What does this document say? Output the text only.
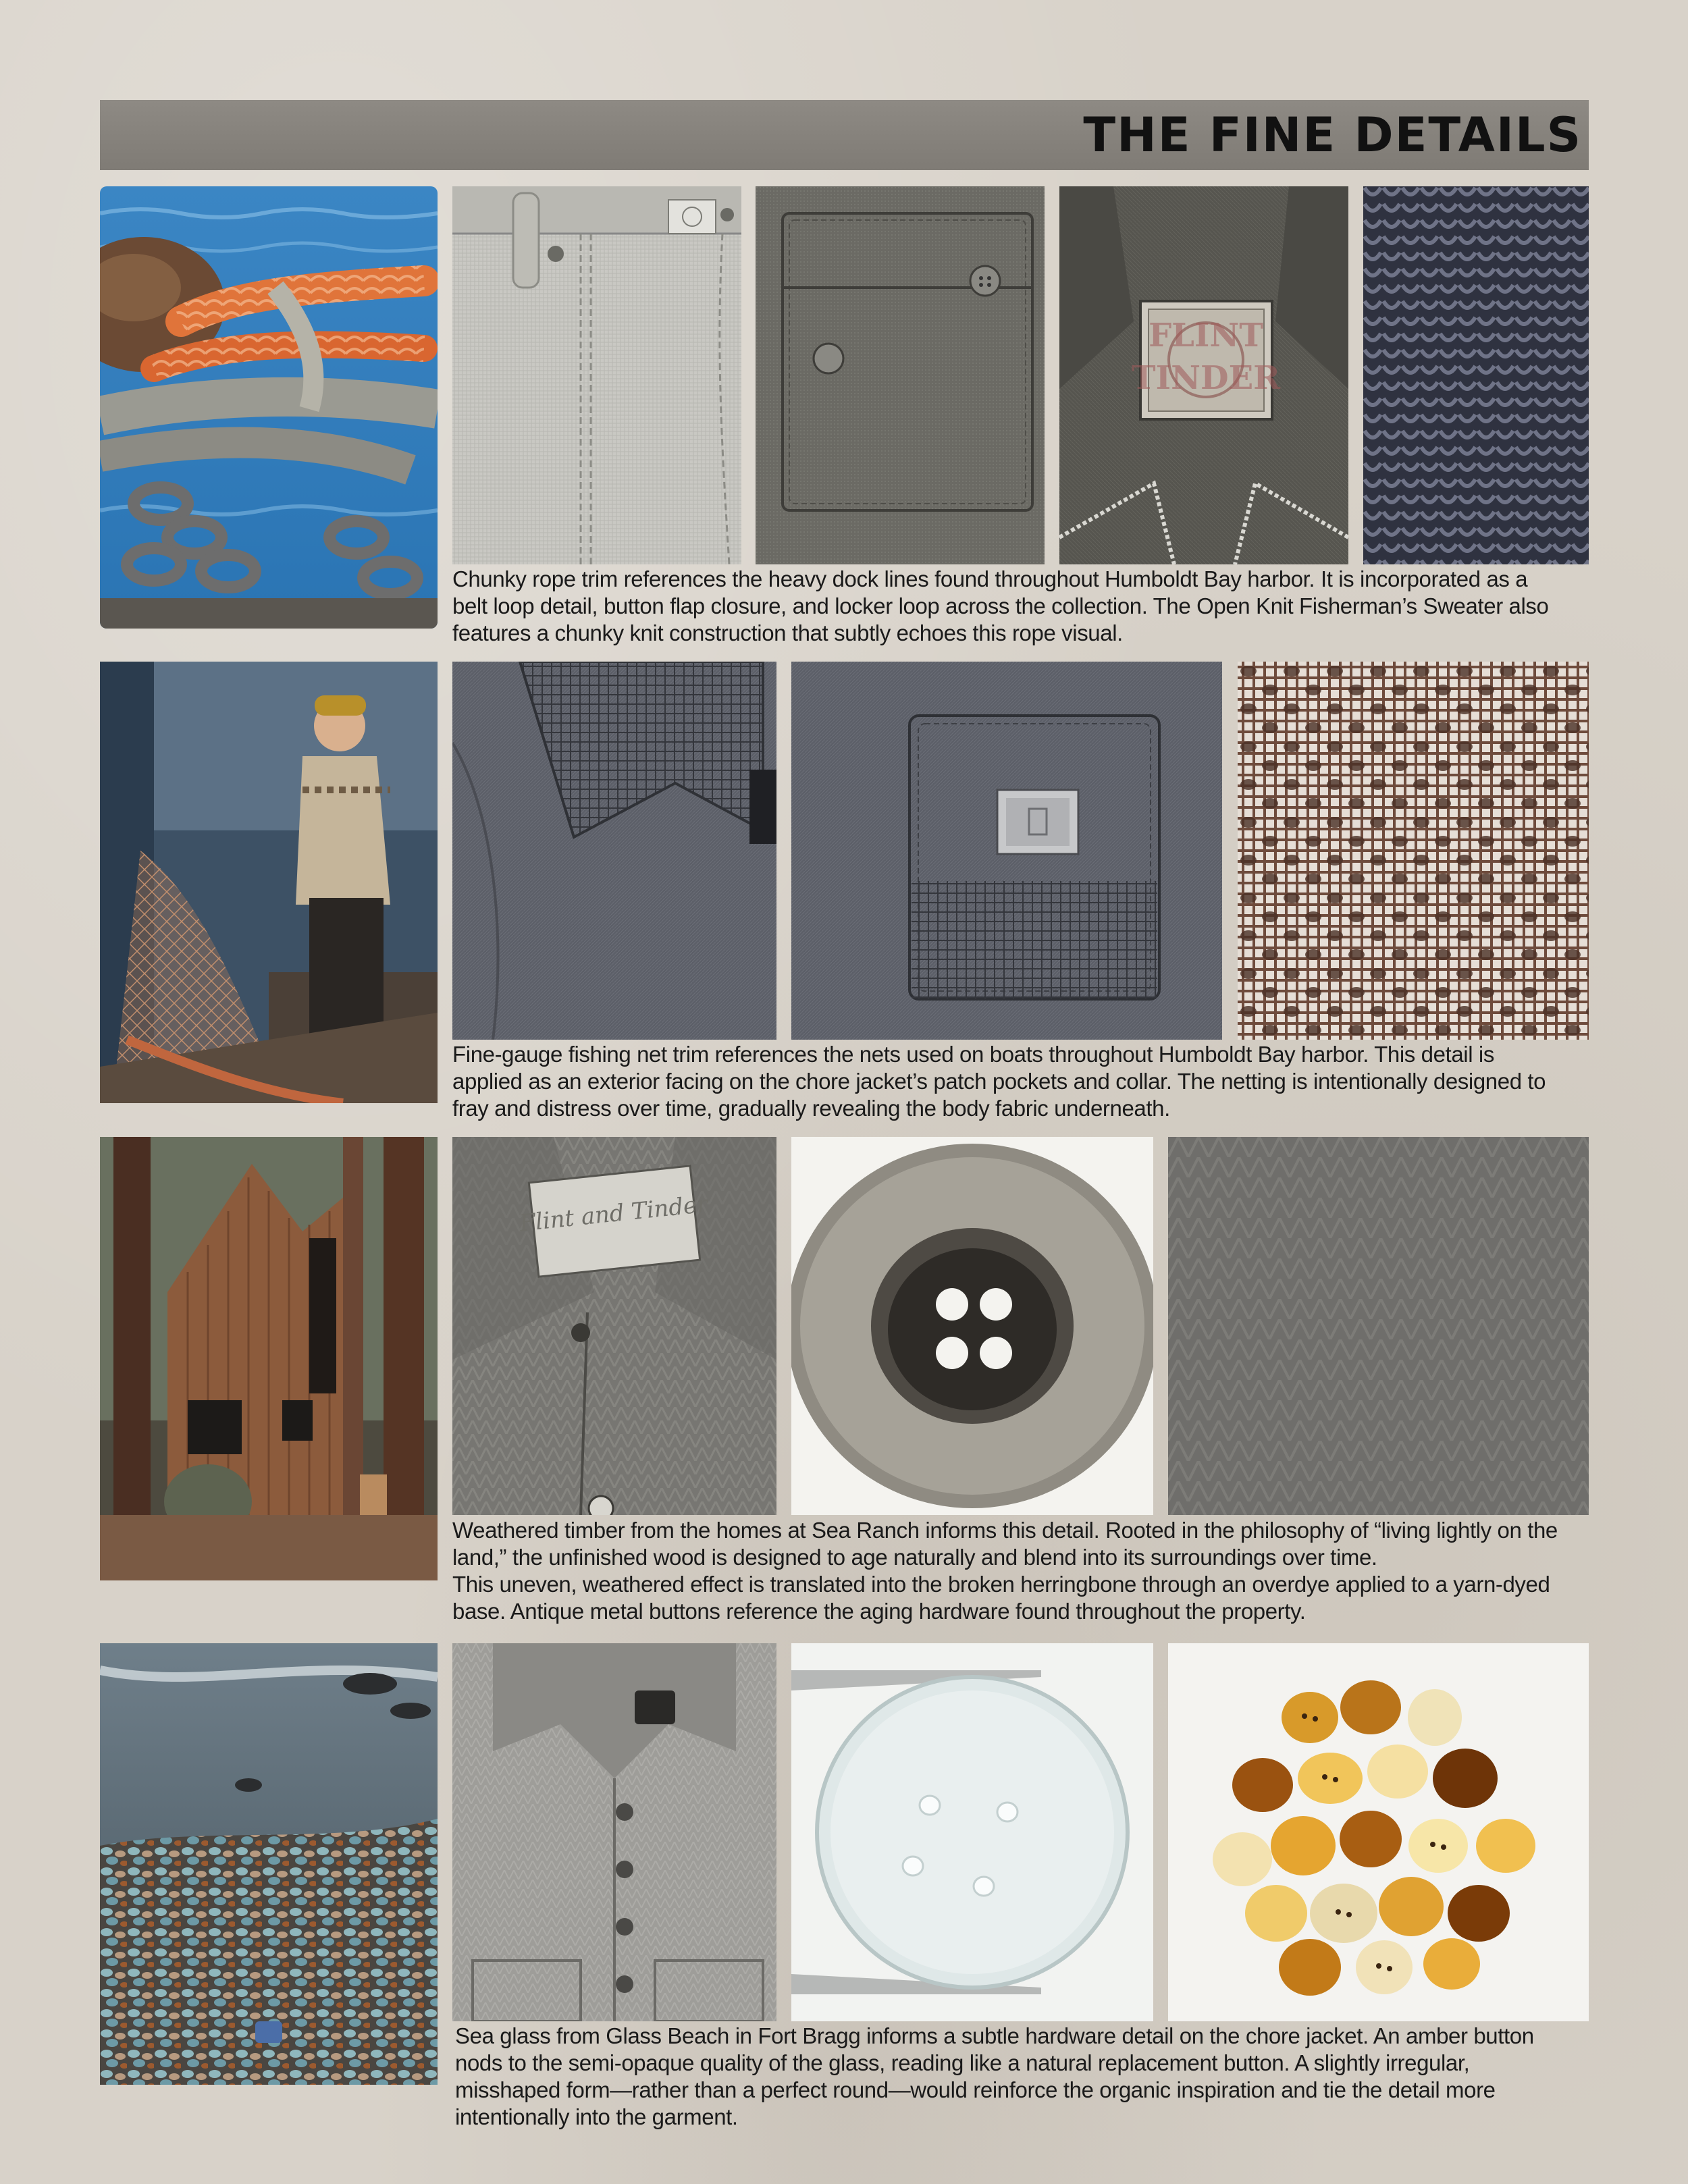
THE FINE DETAILS
FLINT
TINDER

Chunky rope trim references the heavy dock lines found throughout Humboldt Bay harbor. It is incorporated as a
belt loop detail, button flap closure, and locker loop across the collection. The Open Knit Fisherman’s Sweater also
features a chunky knit construction that subtly echoes this rope visual.

Fine-gauge fishing net trim references the nets used on boats throughout Humboldt Bay harbor. This detail is
applied as an exterior facing on the chore jacket’s patch pockets and collar. The netting is intentionally designed to
fray and distress over time, gradually revealing the body fabric underneath.

Flint and Tinder

Weathered timber from the homes at Sea Ranch informs this detail. Rooted in the philosophy of “living lightly on the
land,” the unfinished wood is designed to age naturally and blend into its surroundings over time.
This uneven, weathered effect is translated into the broken herringbone through an overdye applied to a yarn-dyed
base. Antique metal buttons reference the aging hardware found throughout the property.

Sea glass from Glass Beach in Fort Bragg informs a subtle hardware detail on the chore jacket. An amber button
nods to the semi-opaque quality of the glass, reading like a natural replacement button. A slightly irregular,
misshaped form—rather than a perfect round—would reinforce the organic inspiration and tie the detail more
intentionally into the garment.
